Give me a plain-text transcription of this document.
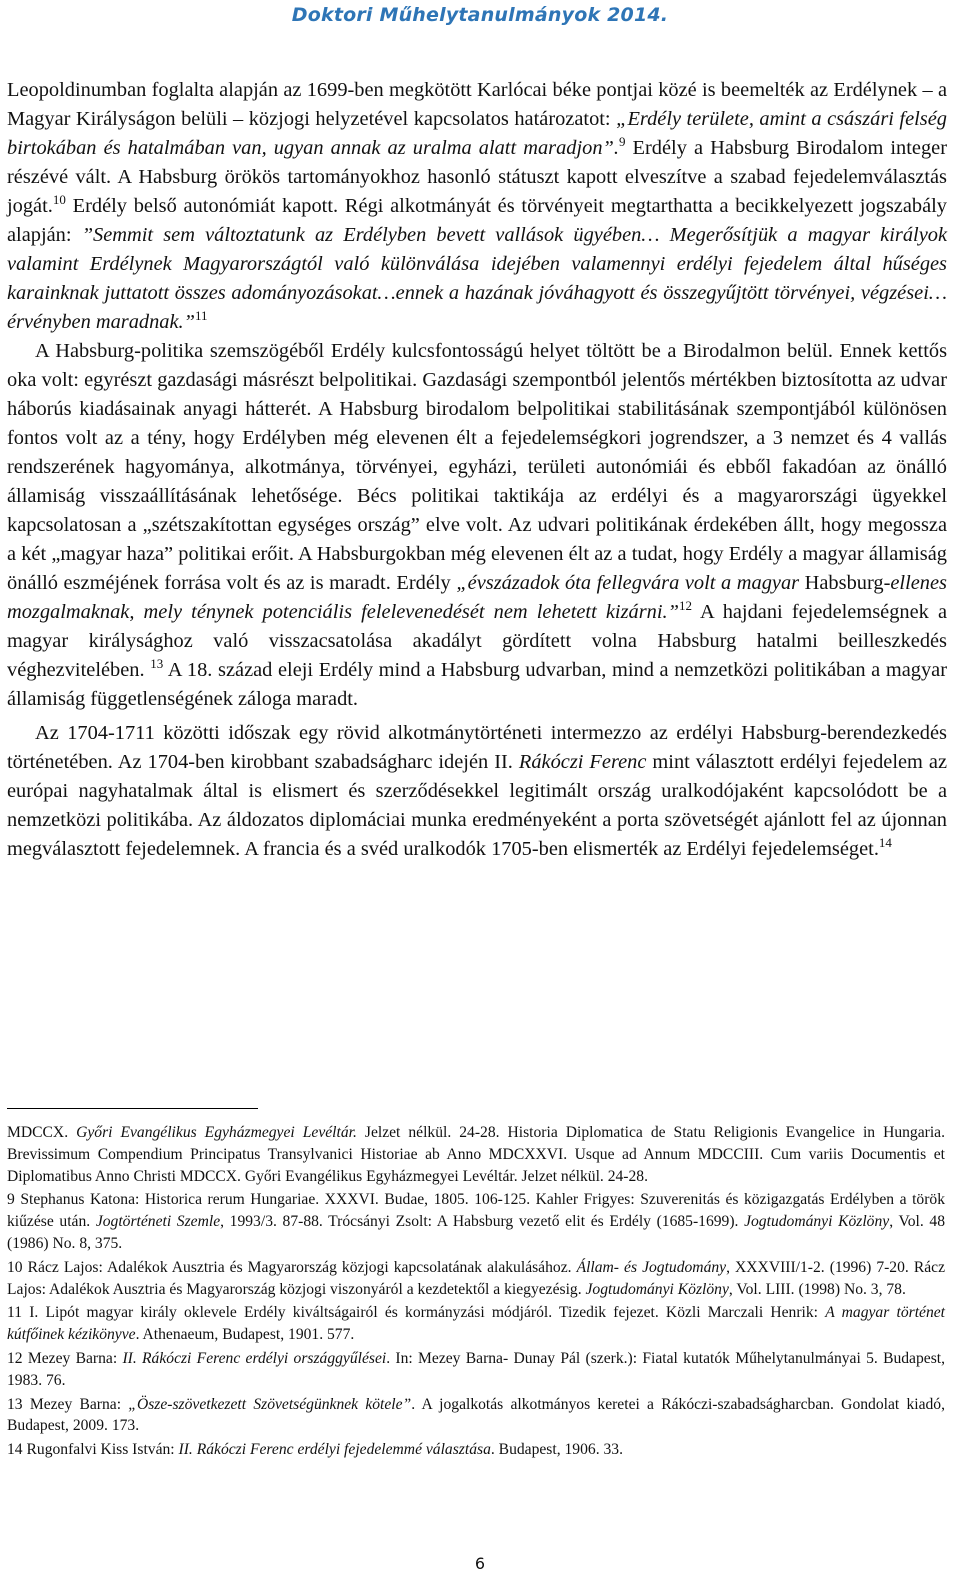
Doktori Műhelytanulmányok 2014.

Leopoldinumban foglalta alapján az 1699-ben megkötött Karlócai béke pontjai közé is beemelték az Erdélynek – a Magyar Királyságon belüli – közjogi helyzetével kapcsolatos határozatot: „Erdély területe, amint a császári felség birtokában és hatalmában van, ugyan annak az uralma alatt maradjon”.$^9$ Erdély a Habsburg Birodalom integer részévé vált. A Habsburg örökös tartományokhoz hasonló státuszt kapott elveszítve a szabad fejedelemválasztás jogát.$^{10}$ Erdély belső autonómiát kapott. Régi alkotmányát és törvényeit megtarthatta a becikkelyezett jogszabály alapján: ”Semmit sem változtatunk az Erdélyben bevett vallások ügyében… Megerősítjük a magyar királyok valamint Erdélynek Magyarországtól való különválása idejében valamennyi erdélyi fejedelem által hűséges karainknak juttatott összes adományozásokat…ennek a hazának jóváhagyott és összegyűjtött törvényei, végzései…érvényben maradnak.”$^{11}$

A Habsburg-politika szemszögéből Erdély kulcsfontosságú helyet töltött be a Birodalmon belül. Ennek kettős oka volt: egyrészt gazdasági másrészt belpolitikai. Gazdasági szempontból jelentős mértékben biztosította az udvar háborús kiadásainak anyagi hátterét. A Habsburg birodalom belpolitikai stabilitásának szempontjából különösen fontos volt az a tény, hogy Erdélyben még elevenen élt a fejedelemségkori jogrendszer, a 3 nemzet és 4 vallás rendszerének hagyománya, alkotmánya, törvényei, egyházi, területi autonómiái és ebből fakadóan az önálló államiság visszaállításának lehetősége. Bécs politikai taktikája az erdélyi és a magyarországi ügyekkel kapcsolatosan a „szétszakítottan egységes ország” elve volt. Az udvari politikának érdekében állt, hogy megossza a két „magyar haza” politikai erőit. A Habsburgokban még elevenen élt az a tudat, hogy Erdély a magyar államiság önálló eszméjének forrása volt és az is maradt. Erdély „évszázadok óta fellegvára volt a magyar Habsburg-ellenes mozgalmaknak, mely ténynek potenciális felelevenedését nem lehetett kizárni.”$^{12}$ A hajdani fejedelemségnek a magyar királysághoz való visszacsatolása akadályt gördített volna Habsburg hatalmi beilleszkedés véghezvitelében. $^{13}$ A 18. század eleji Erdély mind a Habsburg udvarban, mind a nemzetközi politikában a magyar államiság függetlenségének záloga maradt.

Az 1704-1711 közötti időszak egy rövid alkotmánytörténeti intermezzo az erdélyi Habsburg-berendezkedés történetében. Az 1704-ben kirobbant szabadságharc idején II. Rákóczi Ferenc mint választott erdélyi fejedelem az európai nagyhatalmak által is elismert és szerződésekkel legitimált ország uralkodójaként kapcsolódott be a nemzetközi politikába. Az áldozatos diplomáciai munka eredményeként a porta szövetségét ajánlott fel az újonnan megválasztott fejedelemnek. A francia és a svéd uralkodók 1705-ben elismerték az Erdélyi fejedelemséget.$^{14}$

MDCCX. Győri Evangélikus Egyházmegyei Levéltár. Jelzet nélkül. 24-28. Historia Diplomatica de Statu Religionis Evangelice in Hungaria. Brevissimum Compendium Principatus Transylvanici Historiae ab Anno MDCXXVI. Usque ad Annum MDCCIII. Cum variis Documentis et Diplomatibus Anno Christi MDCCX. Győri Evangélikus Egyházmegyei Levéltár. Jelzet nélkül. 24-28.

9 Stephanus Katona: Historica rerum Hungariae. XXXVI. Budae, 1805. 106-125. Kahler Frigyes: Szuverenitás és közigazgatás Erdélyben a török kiűzése után. Jogtörténeti Szemle, 1993/3. 87-88. Trócsányi Zsolt: A Habsburg vezető elit és Erdély (1685-1699). Jogtudományi Közlöny, Vol. 48 (1986) No. 8, 375.

10 Rácz Lajos: Adalékok Ausztria és Magyarország közjogi kapcsolatának alakulásához. Állam- és Jogtudomány, XXXVIII/1-2. (1996) 7-20. Rácz Lajos: Adalékok Ausztria és Magyarország közjogi viszonyáról a kezdetektől a kiegyezésig. Jogtudományi Közlöny, Vol. LIII. (1998) No. 3, 78.

11 I. Lipót magyar király oklevele Erdély kiváltságairól és kormányzási módjáról. Tizedik fejezet. Közli Marczali Henrik: A magyar történet kútfőinek kézikönyve. Athenaeum, Budapest, 1901. 577.

12 Mezey Barna: II. Rákóczi Ferenc erdélyi országgyűlései. In: Mezey Barna- Dunay Pál (szerk.): Fiatal kutatók Műhelytanulmányai 5. Budapest, 1983. 76.

13 Mezey Barna: „Ösze-szövetkezett Szövetségünknek kötele”. A jogalkotás alkotmányos keretei a Rákóczi-szabadságharcban. Gondolat kiadó, Budapest, 2009. 173.

14 Rugonfalvi Kiss István: II. Rákóczi Ferenc erdélyi fejedelemmé választása. Budapest, 1906. 33.

6
